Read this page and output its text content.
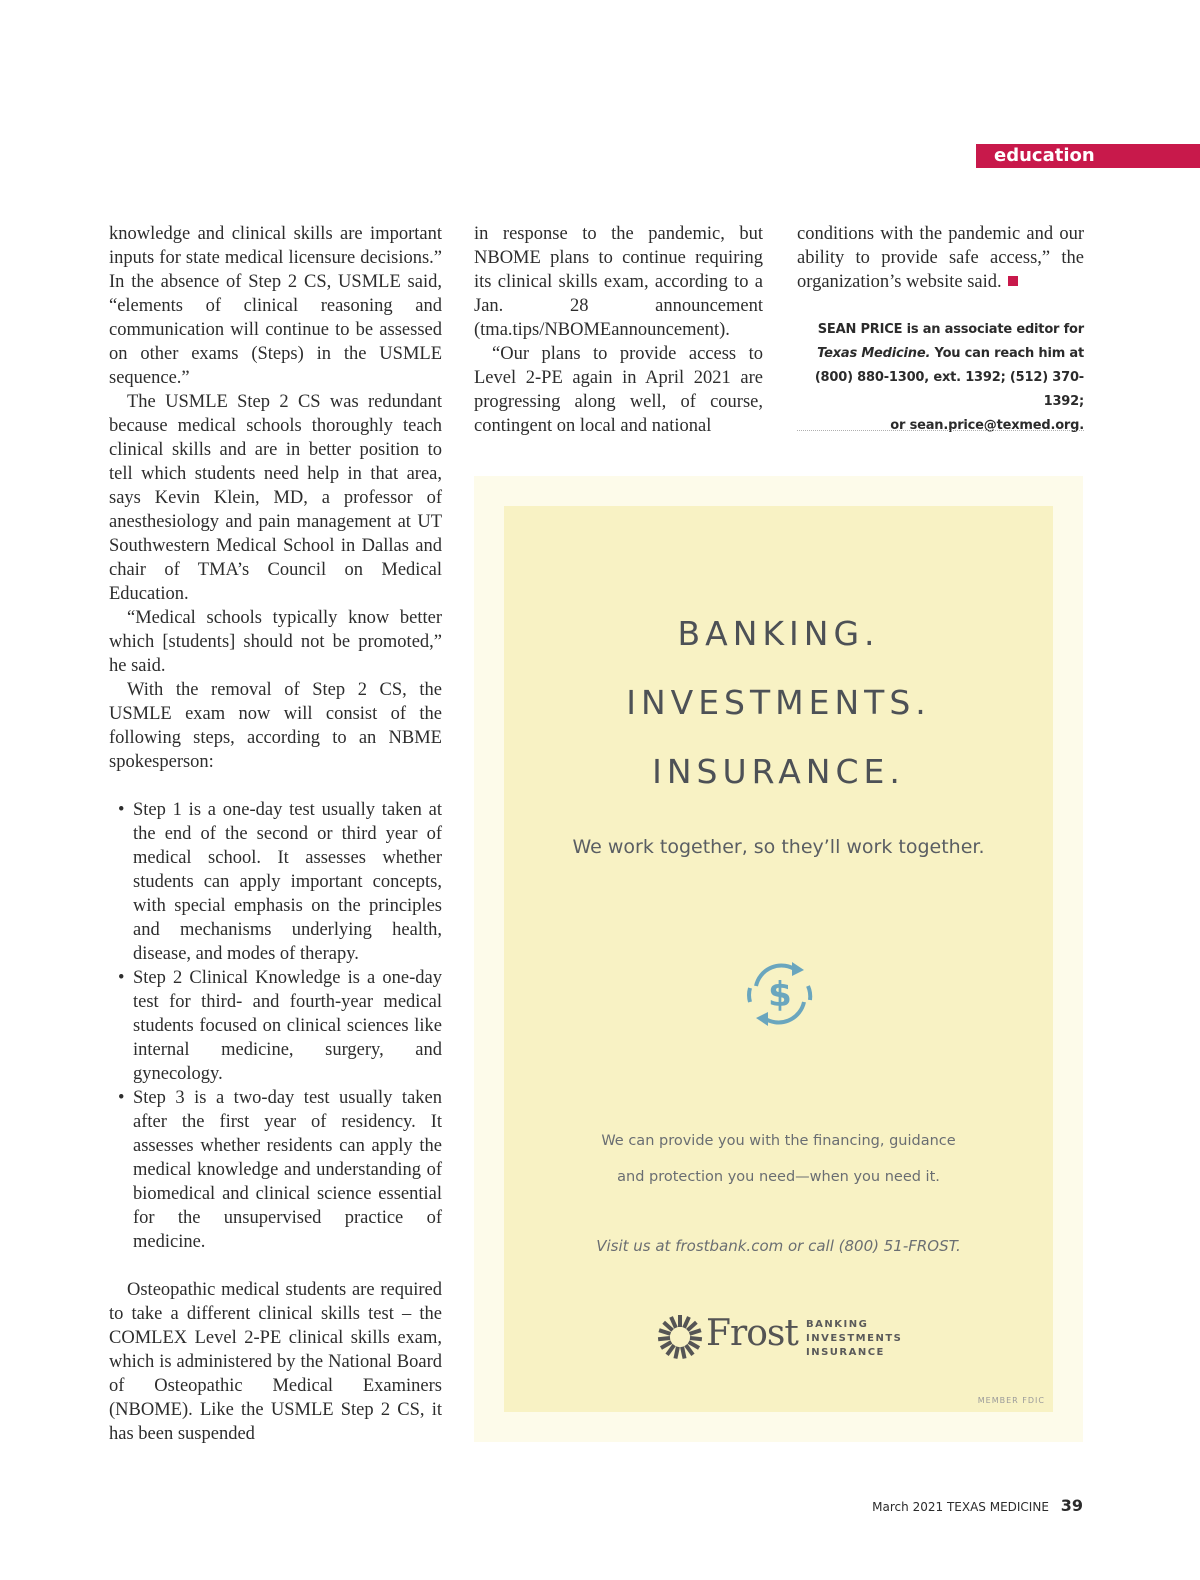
education

knowledge and clinical skills are important inputs for state medical licensure decisions.” In the absence of Step 2 CS, USMLE said, “elements of clinical reasoning and communication will continue to be assessed on other exams (Steps) in the USMLE sequence.”

The USMLE Step 2 CS was redundant because medical schools thoroughly teach clinical skills and are in better position to tell which students need help in that area, says Kevin Klein, MD, a professor of anesthesiology and pain management at UT Southwestern Medical School in Dallas and chair of TMA’s Council on Medical Education.

“Medical schools typically know better which [students] should not be promoted,” he said.

With the removal of Step 2 CS, the USMLE exam now will consist of the following steps, according to an NBME spokesperson:

• Step 1 is a one-day test usually taken at the end of the second or third year of medical school. It assesses whether students can apply important concepts, with special emphasis on the principles and mechanisms underlying health, disease, and modes of therapy.
• Step 2 Clinical Knowledge is a one-day test for third- and fourth-year medical students focused on clinical sciences like internal medicine, surgery, and gynecology.
• Step 3 is a two-day test usually taken after the first year of residency. It assesses whether residents can apply the medical knowledge and understanding of biomedical and clinical science essential for the unsupervised practice of medicine.

Osteopathic medical students are required to take a different clinical skills test – the COMLEX Level 2-PE clinical skills exam, which is administered by the National Board of Osteopathic Medical Examiners (NBOME). Like the USMLE Step 2 CS, it has been suspended

in response to the pandemic, but NBOME plans to continue requiring its clinical skills exam, according to a Jan. 28 announcement (tma.tips/NBOMEannouncement).

“Our plans to provide access to Level 2-PE again in April 2021 are progressing along well, of course, contingent on local and national

conditions with the pandemic and our ability to provide safe access,” the organization’s website said.

SEAN PRICE is an associate editor for
Texas Medicine. You can reach him at
(800) 880-1300, ext. 1392; (512) 370-1392;
or sean.price@texmed.org.
BANKING.
INVESTMENTS.
INSURANCE.
We work together, so they’ll work together.
$
We can provide you with the financing, guidance
and protection you need—when you need it.
Visit us at frostbank.com or call (800) 51-FROST.
Frost BANKING
INVESTMENTS
INSURANCE
MEMBER FDIC
March 2021 TEXAS MEDICINE 39
